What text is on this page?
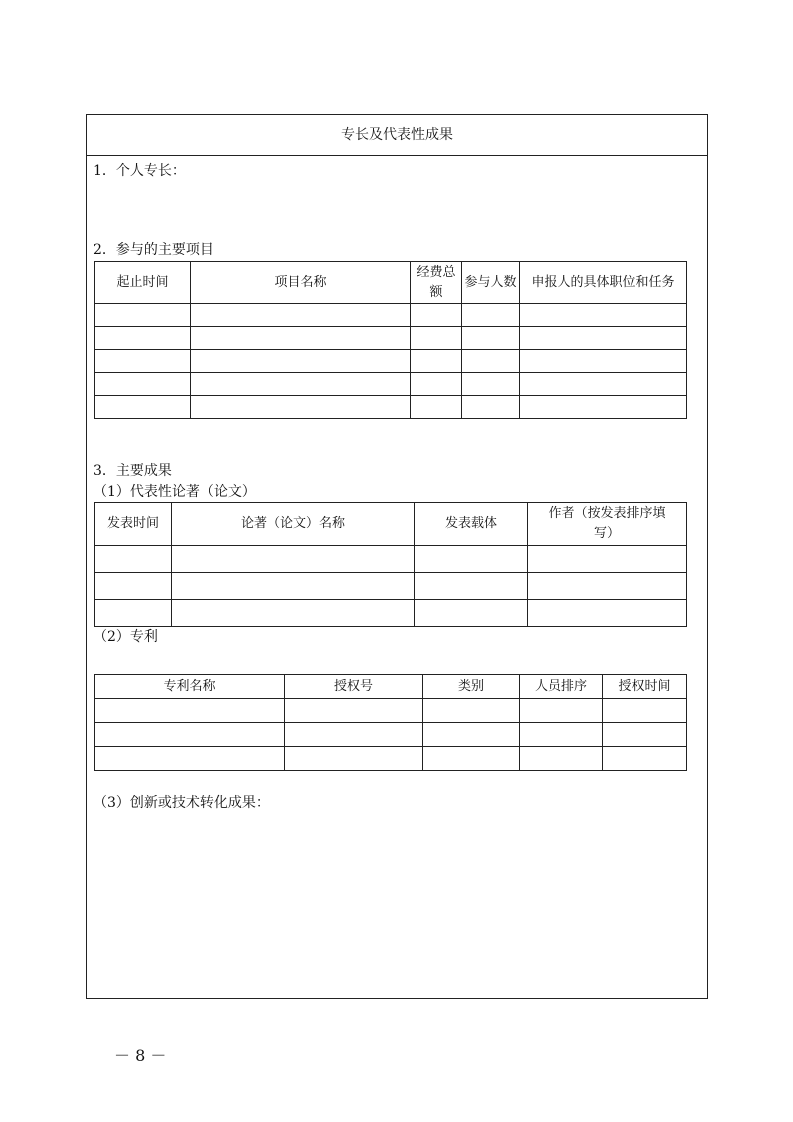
专长及代表性成果
1．个人专长：
2．参与的主要项目
起止时间	项目名称	经费总额	参与人数	申报人的具体职位和任务

3．主要成果
（1）代表性论著（论文）
发表时间	论著（论文）名称	发表载体	作者（按发表排序填写）

（2）专利
专利名称	授权号	类别	人员排序	授权时间

（3）创新或技术转化成果：
－ 8 －
